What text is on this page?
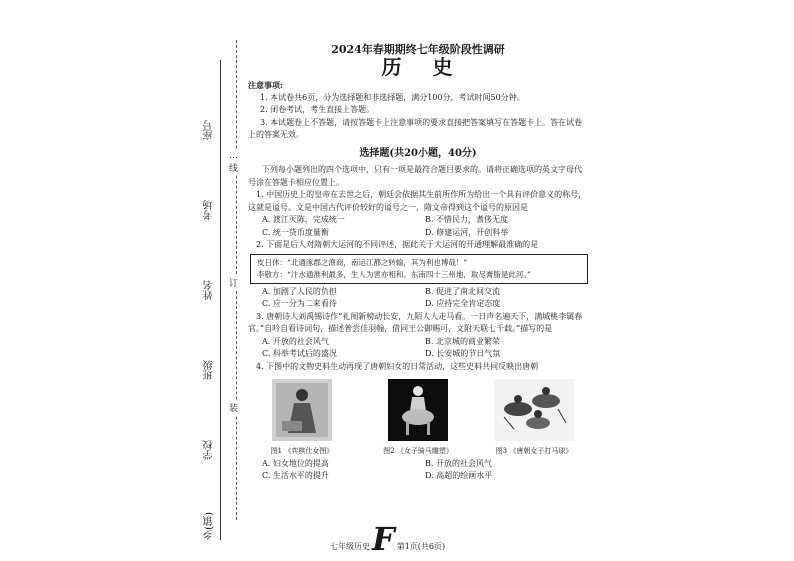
座号
考场
姓名
班级
学校
乡(镇)
…线
订
装
2024年春期期终七年级阶段性调研
历 史
注意事项:

1. 本试卷共6页，分为选择题和非选择题，满分100分，考试时间50分钟。

2. 闭卷考试，考生直接上答题。

3. 本试题卷上不答题，请按答题卡上注意事项的要求直接把答案填写在答题卡上。答在试卷上的答案无效。

选择题(共20小题，40分)

下列每小题列出的四个选项中，只有一项是最符合题目要求的。请将正确选项的英文字母代号涂在答题卡相应位置上。

1. 中国历史上的皇帝在去世之后，朝廷会依据其生前所作所为给出一个具有评价意义的称号，这就是谥号。文是中国古代评价较好的谥号之一，隋文帝得到这个谥号的原因是

A. 渡江灭陈，完成统一	B. 不惜民力，耆侈无度
C. 统一货币度量衡	D. 修建运河，开创科举

2. 下面是后人对隋朝大运河的不同评述，据此关于大运河的开通理解最准确的是

皮日休：“北通涿郡之渔商，南运江都之转输，其为利也博哉！”
李敬方：“汴水通淮利最多，生人为害亦相和。东南四十三州地，取尽膏脂是此河。”
A. 加剧了人民的负担	B. 促进了南北间交流
C. 应一分为二来看待	D. 应持完全肯定态度

3. 唐朝诗人刘禹锡诗作“礼闱新榜动长安，九陌人人走马看。一日声名遍天下，满城桃李属春官。”自吟自看诗词句，描述普尝佳羽翰，借同王公御赐可，文附天联七千载。”描写的是

A. 开放的社会风气	B. 北京城的商业繁荣
C. 科举考试后的盛况	D. 长安城的节日气氛

4. 下图中的文物史料生动再现了唐朝妇女的日常活动，这些史料共同反映出唐朝

图1 《弈棋仕女图》	图2 《女子骑马雕塑》	图3 《唐朝女子打马球》
A. 妇女地位的提高	B. 开放的社会风气
C. 生活水平的提升	D. 高超的绘画水平
七年级历史 F 第1页(共6页)
